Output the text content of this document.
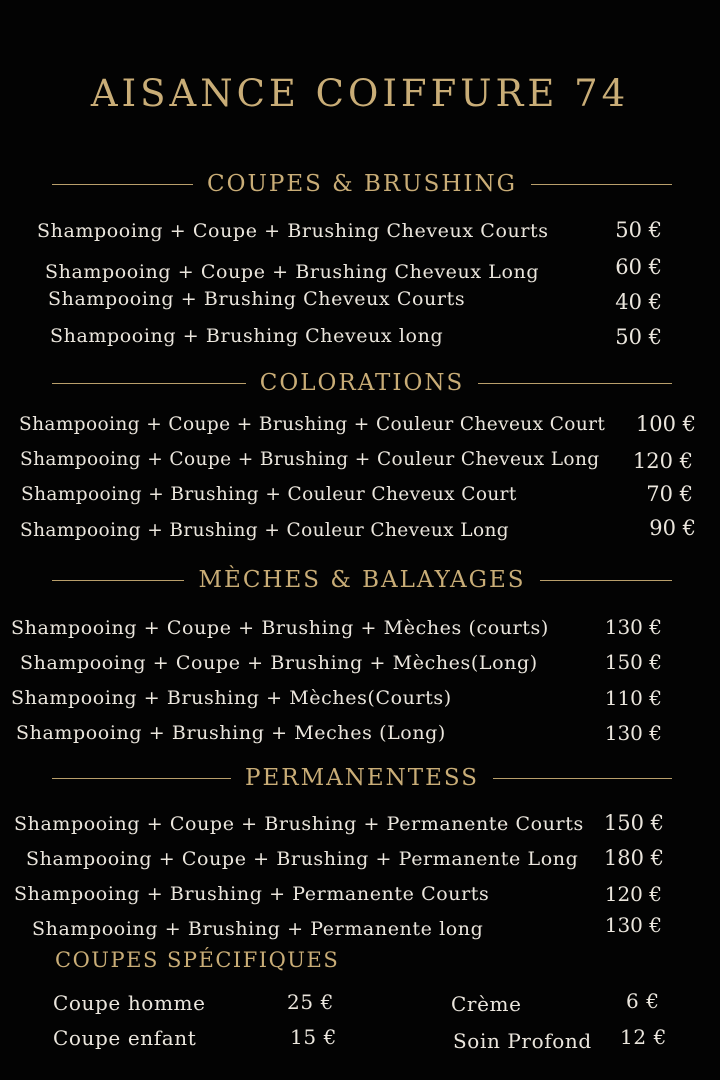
AISANCE COIFFURE 74
COUPES & BRUSHING
Shampooing + Coupe + Brushing Cheveux Courts	50 €
Shampooing + Coupe + Brushing Cheveux Long	60 €
Shampooing + Brushing Cheveux Courts	40 €
Shampooing + Brushing Cheveux long	50 €
COLORATIONS
Shampooing + Coupe + Brushing + Couleur Cheveux Court 100 €
Shampooing + Coupe + Brushing + Couleur Cheveux Long 120 €
Shampooing + Brushing + Couleur Cheveux Court	70 €
Shampooing + Brushing + Couleur Cheveux Long	90 €
MÈCHES & BALAYAGES
Shampooing + Coupe + Brushing + Mèches (courts)	130 €
Shampooing + Coupe + Brushing + Mèches(Long)	150 €
Shampooing + Brushing + Mèches(Courts)	110 €
Shampooing + Brushing + Meches (Long)	130 €
PERMANENTESS
Shampooing + Coupe + Brushing + Permanente Courts 150 €
Shampooing + Coupe + Brushing + Permanente Long 180 €
Shampooing + Brushing + Permanente Courts	120 €
Shampooing + Brushing + Permanente long	130 €
COUPES SPÉCIFIQUES
Coupe homme	25 €
Coupe enfant	15 €
Crème	6 €
Soin Profond 12 €
